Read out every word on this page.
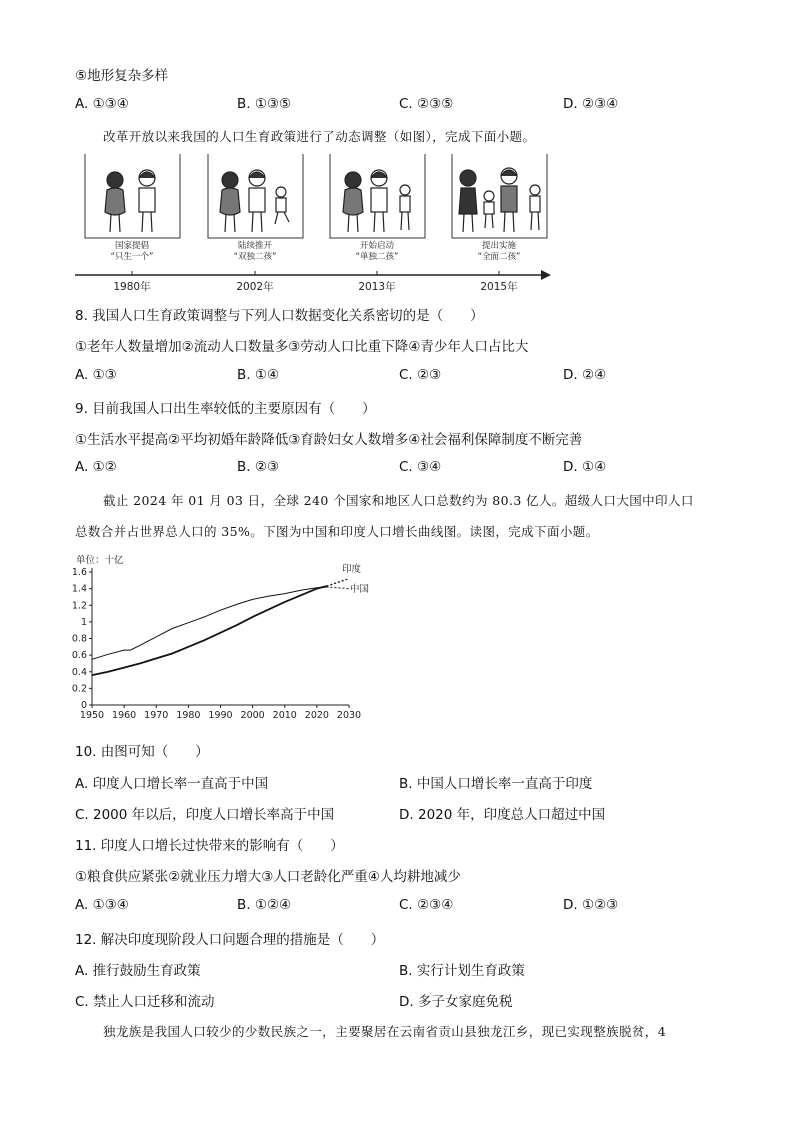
⑤地形复杂多样
A. ①③④	B. ①③⑤	C. ②③⑤	D. ②③④
改革开放以来我国的人口生育政策进行了动态调整（如图），完成下面小题。
国家提倡
“只生一个”
陆续推开
“双独二孩”
开始启动
“单独二孩”
提出实施
“全面二孩”
1980年	2002年	2013年	2015年
8. 我国人口生育政策调整与下列人口数据变化关系密切的是（　　）
①老年人数量增加②流动人口数量多③劳动人口比重下降④青少年人口占比大
A. ①③	B. ①④	C. ②③	D. ②④
9. 目前我国人口出生率较低的主要原因有（　　）
①生活水平提高②平均初婚年龄降低③育龄妇女人数增多④社会福利保障制度不断完善
A. ①②	B. ②③	C. ③④	D. ①④
截止 2024 年 01 月 03 日，全球 240 个国家和地区人口总数约为 80.3 亿人。超级人口大国中印人口
总数合并占世界总人口的 35%。下图为中国和印度人口增长曲线图。读图，完成下面小题。
单位：十亿
0
0.2
0.4
0.6
0.8
1
1.2
1.4
1.6
1950 1960 1970 1980 1990 2000 2010 2020 2030
印度
中国
10. 由图可知（　　）
A. 印度人口增长率一直高于中国	B. 中国人口增长率一直高于印度
C. 2000 年以后，印度人口增长率高于中国	D. 2020 年，印度总人口超过中国
11. 印度人口增长过快带来的影响有（　　）
①粮食供应紧张②就业压力增大③人口老龄化严重④人均耕地减少
A. ①③④	B. ①②④	C. ②③④	D. ①②③
12. 解决印度现阶段人口问题合理的措施是（　　）
A. 推行鼓励生育政策	B. 实行计划生育政策
C. 禁止人口迁移和流动	D. 多子女家庭免税
独龙族是我国人口较少的少数民族之一，主要聚居在云南省贡山县独龙江乡，现已实现整族脱贫，4
